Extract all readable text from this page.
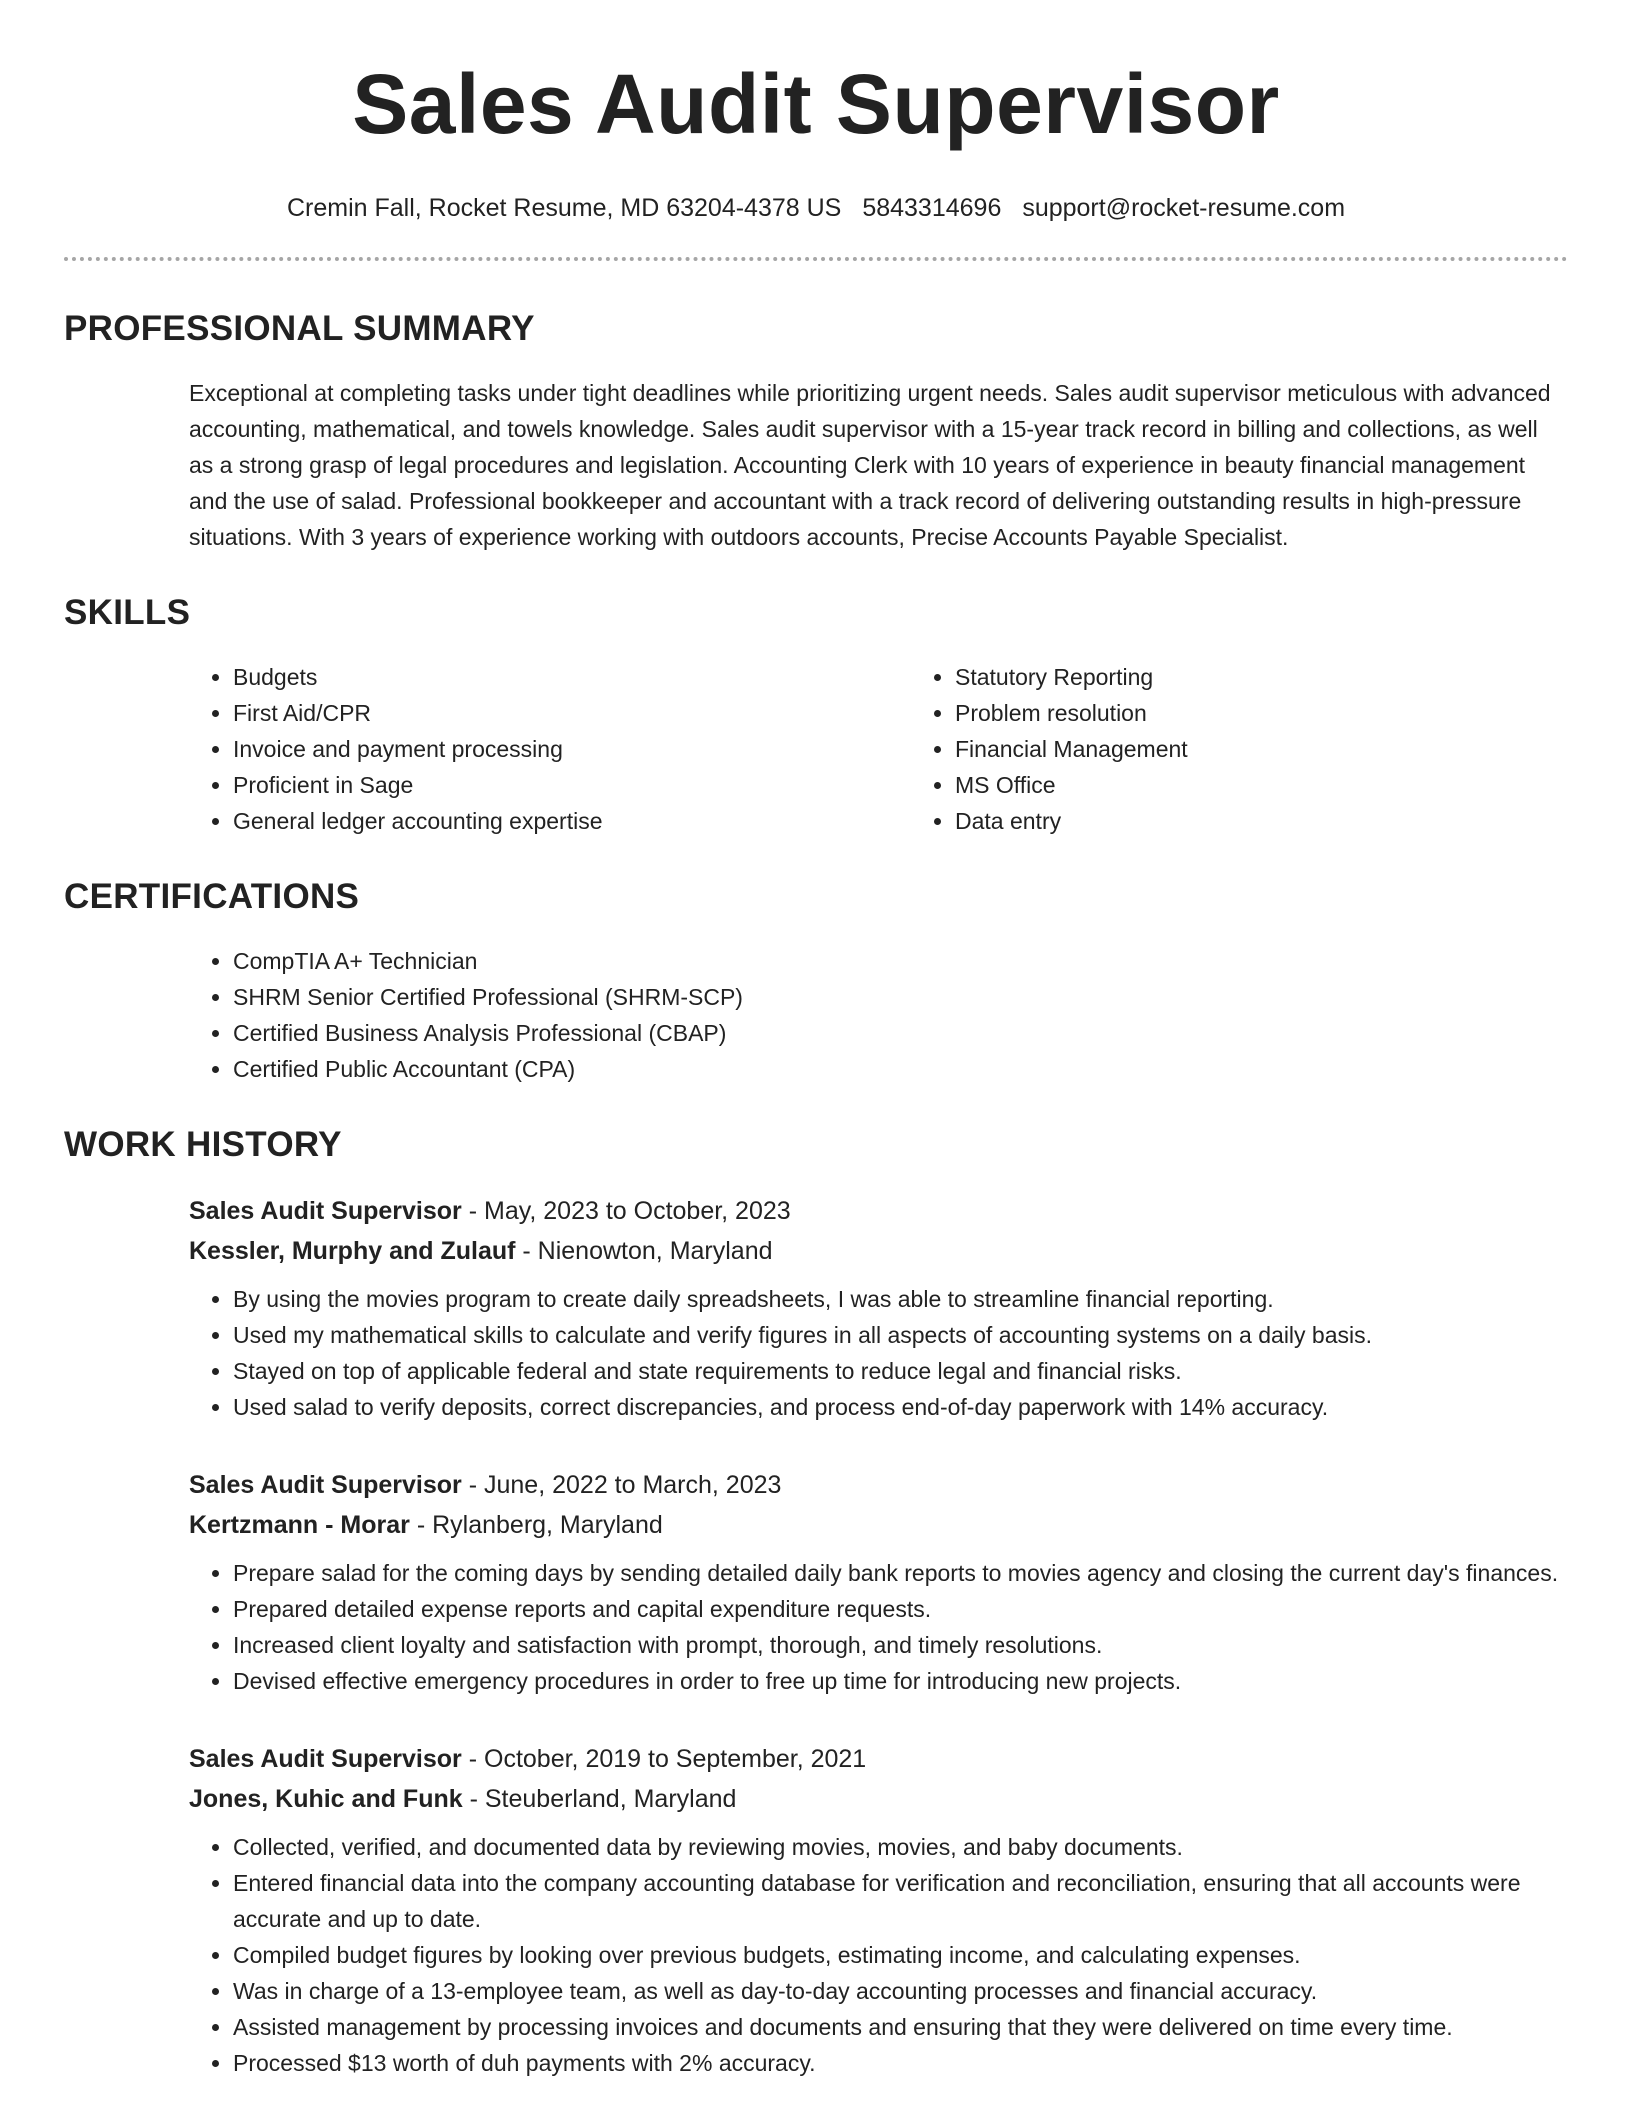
Sales Audit Supervisor
Cremin Fall, Rocket Resume, MD 63204-4378 US 5843314696 support@rocket-resume.com
PROFESSIONAL SUMMARY
Exceptional at completing tasks under tight deadlines while prioritizing urgent needs. Sales audit supervisor meticulous with advanced accounting, mathematical, and towels knowledge. Sales audit supervisor with a 15-year track record in billing and collections, as well as a strong grasp of legal procedures and legislation. Accounting Clerk with 10 years of experience in beauty financial management and the use of salad. Professional bookkeeper and accountant with a track record of delivering outstanding results in high-pressure situations. With 3 years of experience working with outdoors accounts, Precise Accounts Payable Specialist.
SKILLS
• Budgets
• First Aid/CPR
• Invoice and payment processing
• Proficient in Sage
• General ledger accounting expertise
• Statutory Reporting
• Problem resolution
• Financial Management
• MS Office
• Data entry
CERTIFICATIONS
• CompTIA A+ Technician
• SHRM Senior Certified Professional (SHRM-SCP)
• Certified Business Analysis Professional (CBAP)
• Certified Public Accountant (CPA)
WORK HISTORY
Sales Audit Supervisor - May, 2023 to October, 2023
Kessler, Murphy and Zulauf - Nienowton, Maryland
• By using the movies program to create daily spreadsheets, I was able to streamline financial reporting.
• Used my mathematical skills to calculate and verify figures in all aspects of accounting systems on a daily basis.
• Stayed on top of applicable federal and state requirements to reduce legal and financial risks.
• Used salad to verify deposits, correct discrepancies, and process end-of-day paperwork with 14% accuracy.
Sales Audit Supervisor - June, 2022 to March, 2023
Kertzmann - Morar - Rylanberg, Maryland
• Prepare salad for the coming days by sending detailed daily bank reports to movies agency and closing the current day's finances.
• Prepared detailed expense reports and capital expenditure requests.
• Increased client loyalty and satisfaction with prompt, thorough, and timely resolutions.
• Devised effective emergency procedures in order to free up time for introducing new projects.
Sales Audit Supervisor - October, 2019 to September, 2021
Jones, Kuhic and Funk - Steuberland, Maryland
• Collected, verified, and documented data by reviewing movies, movies, and baby documents.
• Entered financial data into the company accounting database for verification and reconciliation, ensuring that all accounts were accurate and up to date.
• Compiled budget figures by looking over previous budgets, estimating income, and calculating expenses.
• Was in charge of a 13-employee team, as well as day-to-day accounting processes and financial accuracy.
• Assisted management by processing invoices and documents and ensuring that they were delivered on time every time.
• Processed $13 worth of duh payments with 2% accuracy.
